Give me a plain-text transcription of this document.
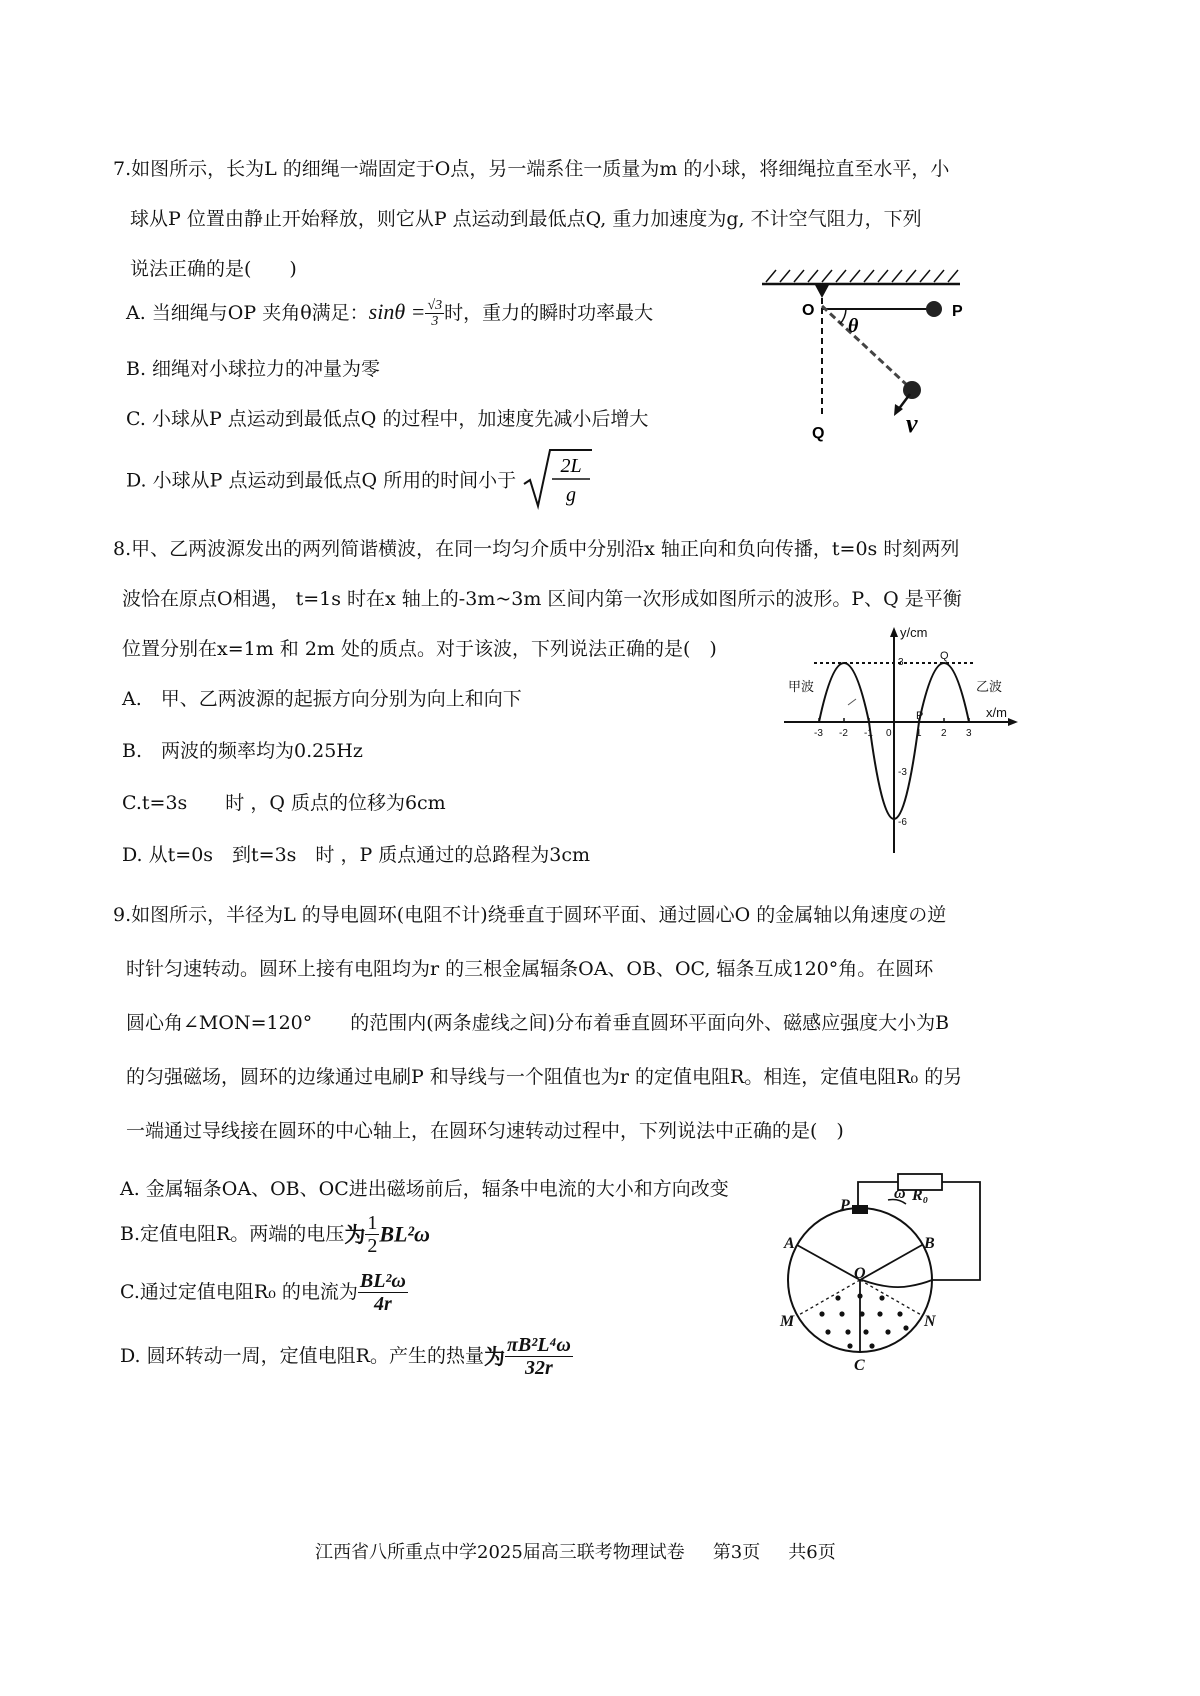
7.如图所示，长为L 的细绳一端固定于O点，另一端系住一质量为m 的小球，将细绳拉直至水平，小
球从P 位置由静止开始释放，则它从P 点运动到最低点Q, 重力加速度为g, 不计空气阻力，下列
说法正确的是(　　)
A. 当细绳与OP 夹角θ满足：$\sin\theta = \frac{√3}{3}$ 时，重力的瞬时功率最大
B. 细绳对小球拉力的冲量为零
C. 小球从P 点运动到最低点Q 的过程中，加速度先减小后增大
D. 小球从P 点运动到最低点Q 所用的时间小于
2L
g
O	P
Q
θ
v
8.甲、乙两波源发出的两列简谐横波，在同一均匀介质中分别沿x 轴正向和负向传播，t=0s 时刻两列
波恰在原点O相遇， t=1s 时在x 轴上的-3m~3m 区间内第一次形成如图所示的波形。P、Q 是平衡
位置分别在x=1m 和 2m 处的质点。对于该波，下列说法正确的是(　)
A.　甲、乙两波源的起振方向分别为向上和向下
B.　两波的频率均为0.25Hz
C.t=3s　　时 ，Q 质点的位移为6cm
D. 从t=0s　到t=3s　时 ，P 质点通过的总路程为3cm
-3 -2 -1 0 1 2 3
3
-3
-6
y/cm
x/m
甲波	乙波
P
Q
9.如图所示，半径为L 的导电圆环(电阻不计)绕垂直于圆环平面、通过圆心O 的金属轴以角速度の逆
时针匀速转动。圆环上接有电阻均为r 的三根金属辐条OA、OB、OC, 辐条互成120°角。在圆环
圆心角∠MON=120°　　的范围内(两条虚线之间)分布着垂直圆环平面向外、磁感应强度大小为B
的匀强磁场，圆环的边缘通过电刷P 和导线与一个阻值也为r 的定值电阻R。相连，定值电阻R₀ 的另
一端通过导线接在圆环的中心轴上，在圆环匀速转动过程中，下列说法中正确的是(　)
A. 金属辐条OA、OB、OC进出磁场前后，辐条中电流的大小和方向改变
B.定值电阻R。两端的电压为 $\frac{1}{2} BL^2\omega$
C.通过定值电阻R₀ 的电流为 $\frac{\text{BL²ω}}{4r}$
D. 圆环转动一周，定值电阻R。产生的热量为 $\frac{\text{πB²L⁴ω}}{32r}$
R₀
P
ω
A	B
O
M	N
C
江西省八所重点中学2025届高三联考物理试卷 第3页 共6页
